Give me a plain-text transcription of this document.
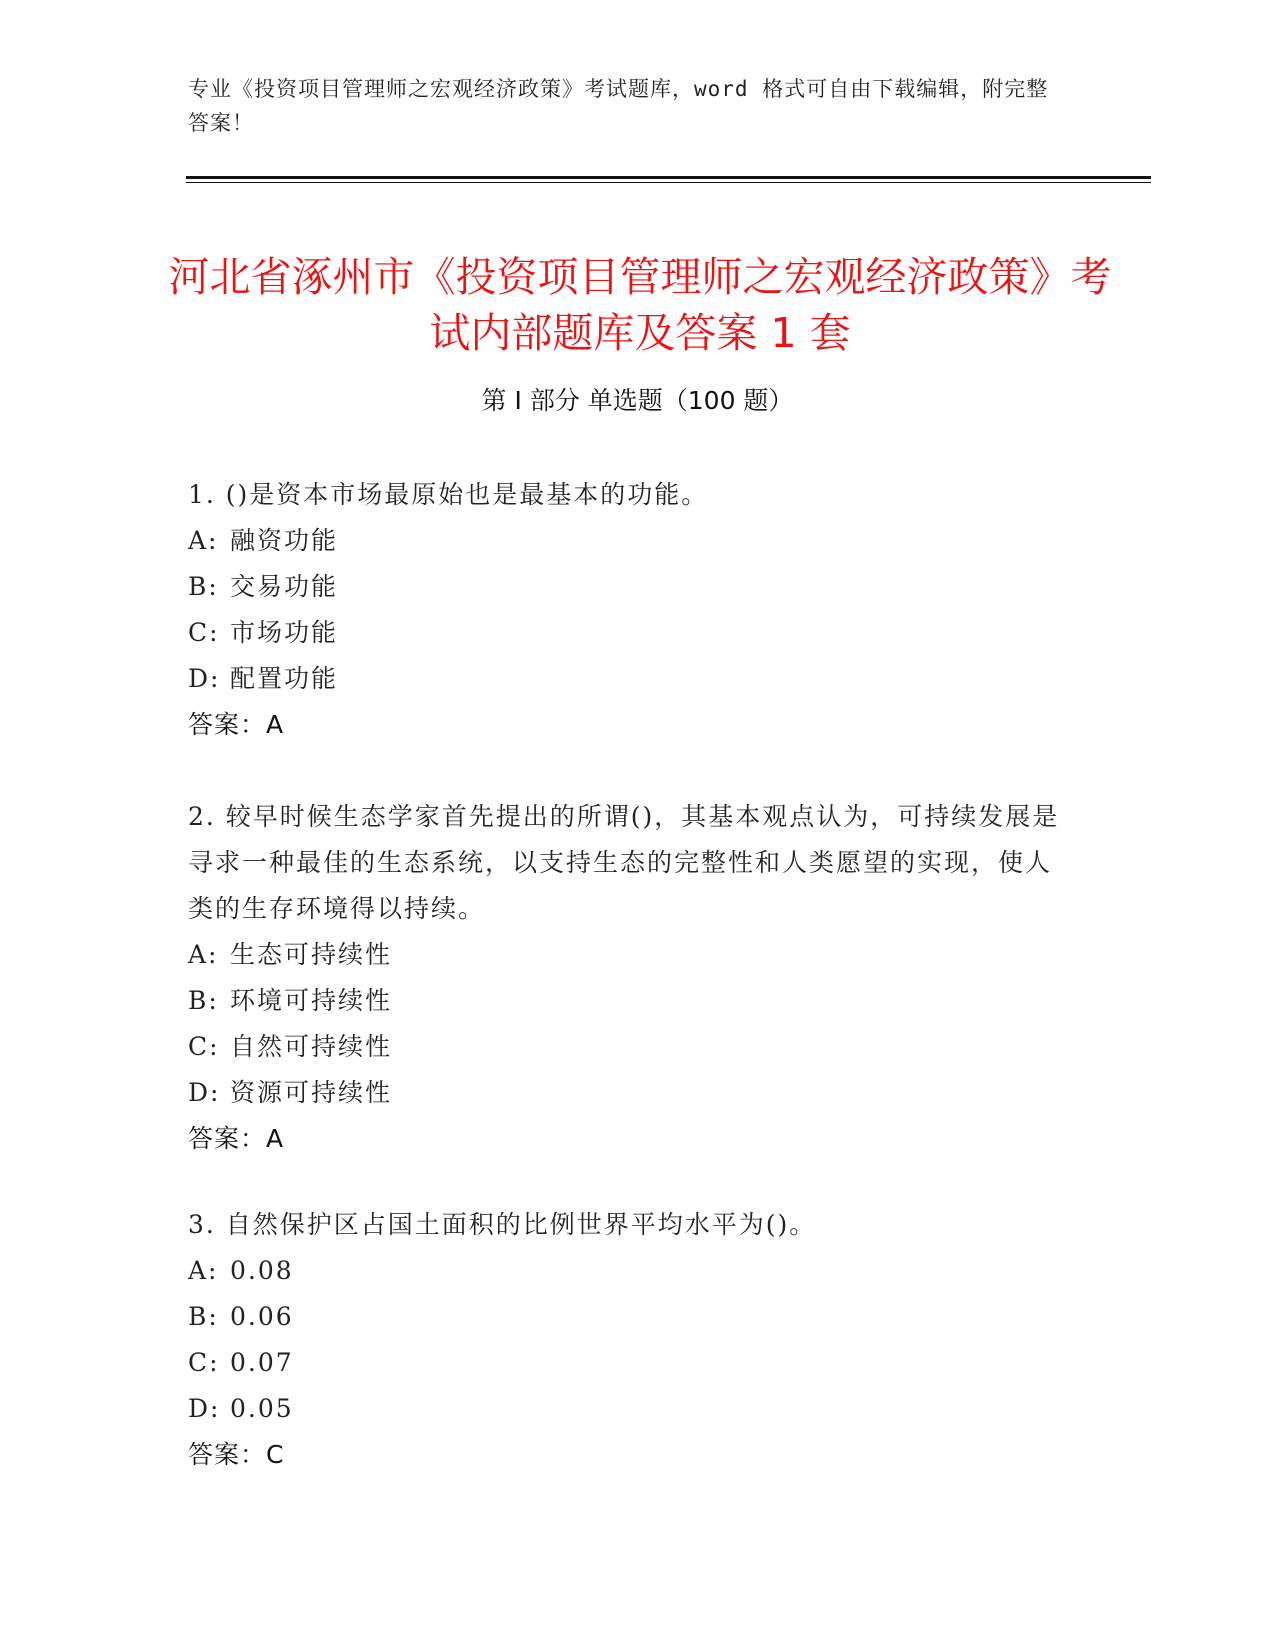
专业《投资项目管理师之宏观经济政策》考试题库，word 格式可自由下载编辑，附完整答案！
河北省涿州市《投资项目管理师之宏观经济政策》考试内部题库及答案 1 套
第 I 部分 单选题（100 题）
1. ()是资本市场最原始也是最基本的功能。
A: 融资功能
B: 交易功能
C: 市场功能
D: 配置功能
答案：A
2. 较早时候生态学家首先提出的所谓()，其基本观点认为，可持续发展是寻求一种最佳的生态系统，以支持生态的完整性和人类愿望的实现，使人类的生存环境得以持续。
A: 生态可持续性
B: 环境可持续性
C: 自然可持续性
D: 资源可持续性
答案：A
3. 自然保护区占国土面积的比例世界平均水平为()。
A: 0.08
B: 0.06
C: 0.07
D: 0.05
答案：C
